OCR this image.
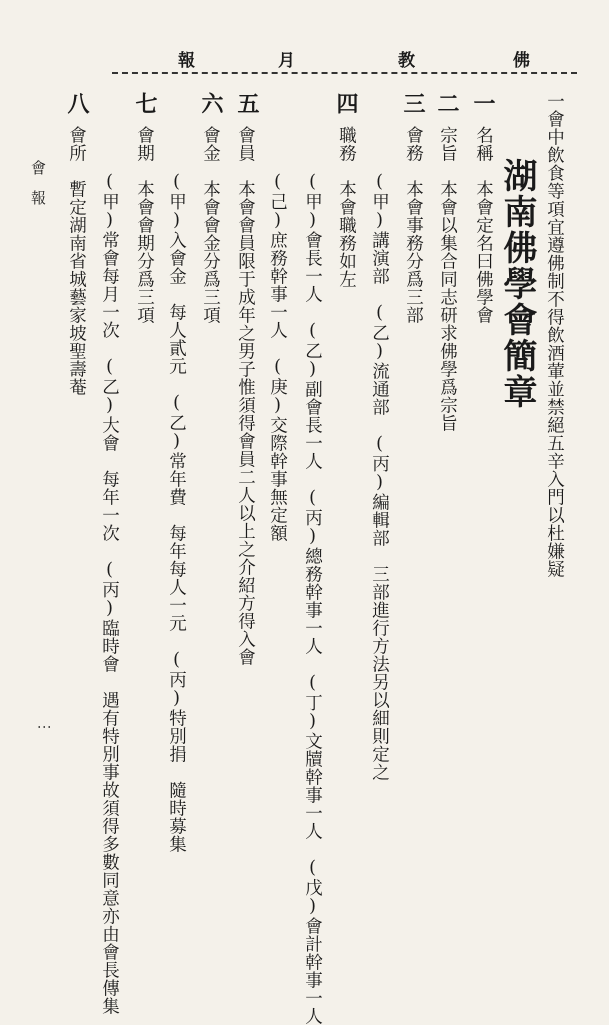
報	月	教	佛
一會中飲食等項宜遵佛制不得飲酒葷並禁絕五辛入門以杜嫌疑
湖南佛學會簡章
一
名稱　本會定名曰佛學會
二
宗旨　本會以集合同志研求佛學爲宗旨
三
會務　本會事務分爲三部
(甲)講演部　(乙)流通部　(丙)編輯部　三部進行方法另以細則定之
四
職務　本會職務如左
(甲)會長一人　(乙)副會長一人　(丙)總務幹事一人　(丁)文牘幹事一人　(戊)會計幹事一人
(己)庶務幹事一人　(庚)交際幹事無定額
五
會員　本會會員限于成年之男子惟須得會員二人以上之介紹方得入會
六
會金　本會會金分爲三項
(甲)入會金　每人貳元　(乙)常年費　每年每人一元　(丙)特別捐　隨時募集
七
會期　本會會期分爲三項
(甲)常會每月一次　(乙)大會　每年一次　(丙)臨時會　遇有特別事故須得多數同意亦由會長傳集
八
會所　暫定湖南省城藝家坡聖壽菴
會　報
⋮
